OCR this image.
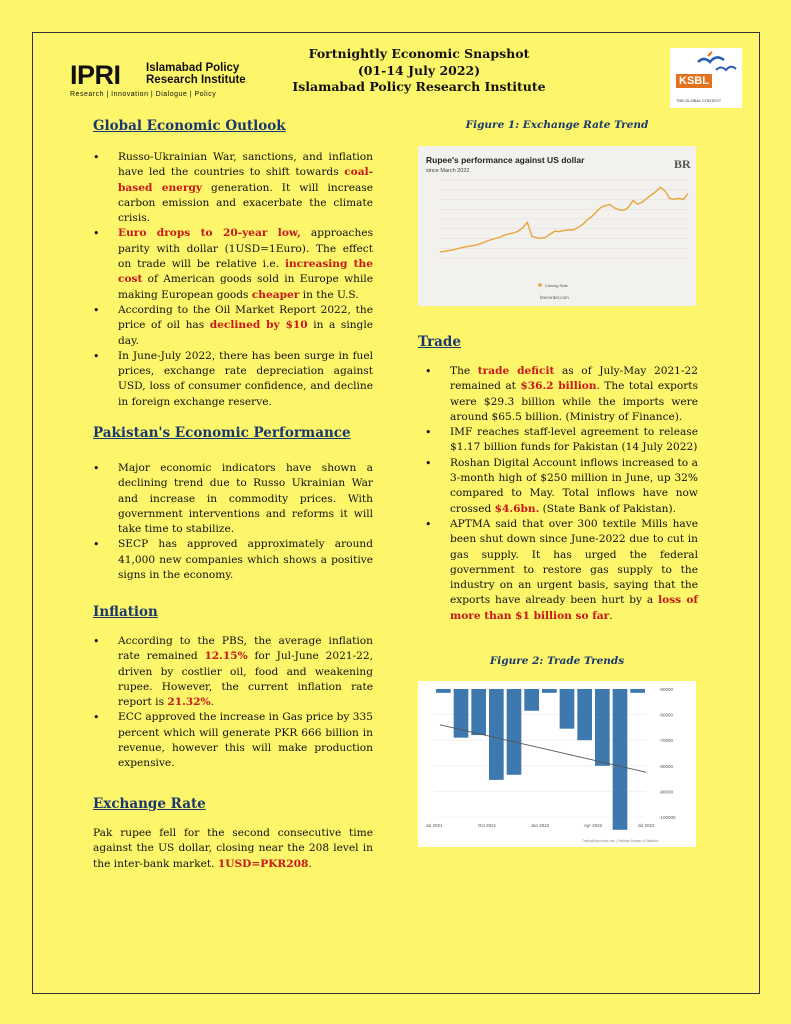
IPRI Islamabad Policy
Research Institute
Research | Innovation | Dialogue | Policy
Fortnightly Economic Snapshot
(01-14 July 2022)
Islamabad Policy Research Institute	KSBL
THE GLOBAL CONTEXT
Global Economic Outlook
• Russo-Ukrainian War, sanctions, and inflation have led the countries to shift towards coal-based energy generation. It will increase carbon emission and exacerbate the climate crisis.
• Euro drops to 20-year low, approaches parity with dollar (1USD=1Euro). The effect on trade will be relative i.e. increasing the cost of American goods sold in Europe while making European goods cheaper in the U.S.
• According to the Oil Market Report 2022, the price of oil has declined by $10 in a single day.
• In June-July 2022, there has been surge in fuel prices, exchange rate depreciation against USD, loss of consumer confidence, and decline in foreign exchange reserve.
Pakistan's Economic Performance
• Major economic indicators have shown a declining trend due to Russo Ukrainian War and increase in commodity prices. With government interventions and reforms it will take time to stabilize.
• SECP has approved approximately around 41,000 new companies which shows a positive signs in the economy.
Inflation
• According to the PBS, the average inflation rate remained 12.15% for Jul-June 2021-22, driven by costlier oil, food and weakening rupee. However, the current inflation rate report is 21.32%.
• ECC approved the increase in Gas price by 335 percent which will generate PKR 666 billion in revenue, however this will make production expensive.
Exchange Rate

Pak rupee fell for the second consecutive time against the US dollar, closing near the 208 level in the inter-bank market. 1USD=PKR208.

Figure 1: Exchange Rate Trend
Rupee's performance against US dollar
since March 2022	BR
Closing Rate
brecorder.com
Trade
• The trade deficit as of July-May 2021-22 remained at $36.2 billion. The total exports were $29.3 billion while the imports were around $65.5 billion. (Ministry of Finance).
• IMF reaches staff-level agreement to release $1.17 billion funds for Pakistan (14 July 2022)
• Roshan Digital Account inflows increased to a 3-month high of $250 million in June, up 32% compared to May. Total inflows have now crossed $4.6bn. (State Bank of Pakistan).
• APTMA said that over 300 textile Mills have been shut down since June-2022 due to cut in gas supply. It has urged the federal government to restore gas supply to the industry on an urgent basis, saying that the exports have already been hurt by a loss of more than $1 billion so far.
Figure 2: Trade Trends
-50000
-60000
-70000
-80000
-90000
-100000
Jul 2021	Oct 2021	Jan 2022	Apr 2022	Jul 2022
TradingEconomics.com | Pakistan Bureau of Statistics
